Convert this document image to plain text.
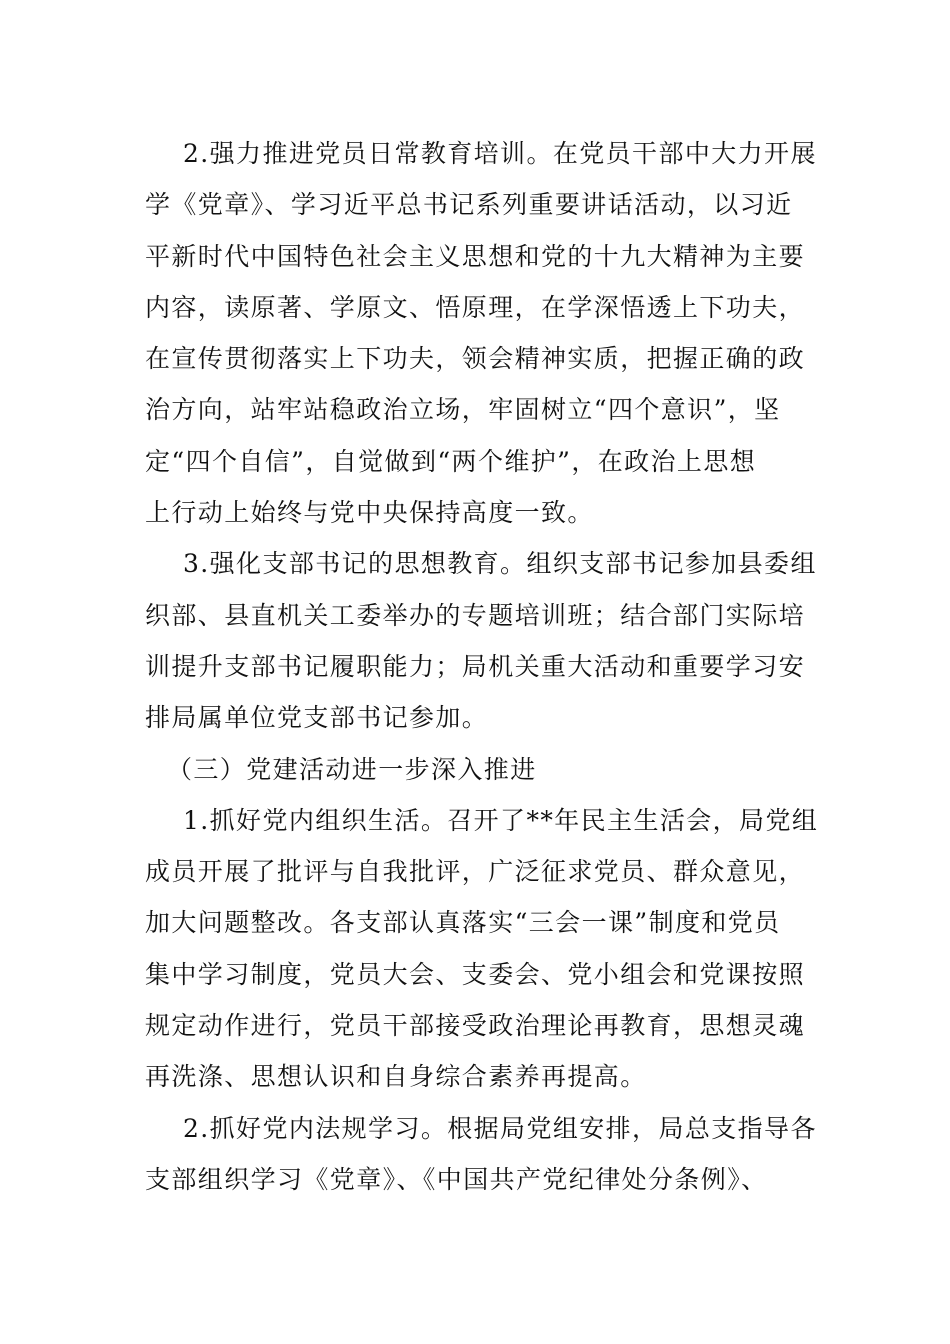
2.强力推进党员日常教育培训。在党员干部中大力开展
学《党章》、学习近平总书记系列重要讲话活动，以习近
平新时代中国特色社会主义思想和党的十九大精神为主要
内容，读原著、学原文、悟原理，在学深悟透上下功夫，
在宣传贯彻落实上下功夫，领会精神实质，把握正确的政
治方向，站牢站稳政治立场，牢固树立“四个意识”，坚
定“四个自信”，自觉做到“两个维护”，在政治上思想
上行动上始终与党中央保持高度一致。
3.强化支部书记的思想教育。组织支部书记参加县委组
织部、县直机关工委举办的专题培训班；结合部门实际培
训提升支部书记履职能力；局机关重大活动和重要学习安
排局属单位党支部书记参加。
（三）党建活动进一步深入推进
1.抓好党内组织生活。召开了**年民主生活会，局党组
成员开展了批评与自我批评，广泛征求党员、群众意见，
加大问题整改。各支部认真落实“三会一课”制度和党员
集中学习制度，党员大会、支委会、党小组会和党课按照
规定动作进行，党员干部接受政治理论再教育，思想灵魂
再洗涤、思想认识和自身综合素养再提高。
2.抓好党内法规学习。根据局党组安排，局总支指导各
支部组织学习《党章》、《中国共产党纪律处分条例》、
